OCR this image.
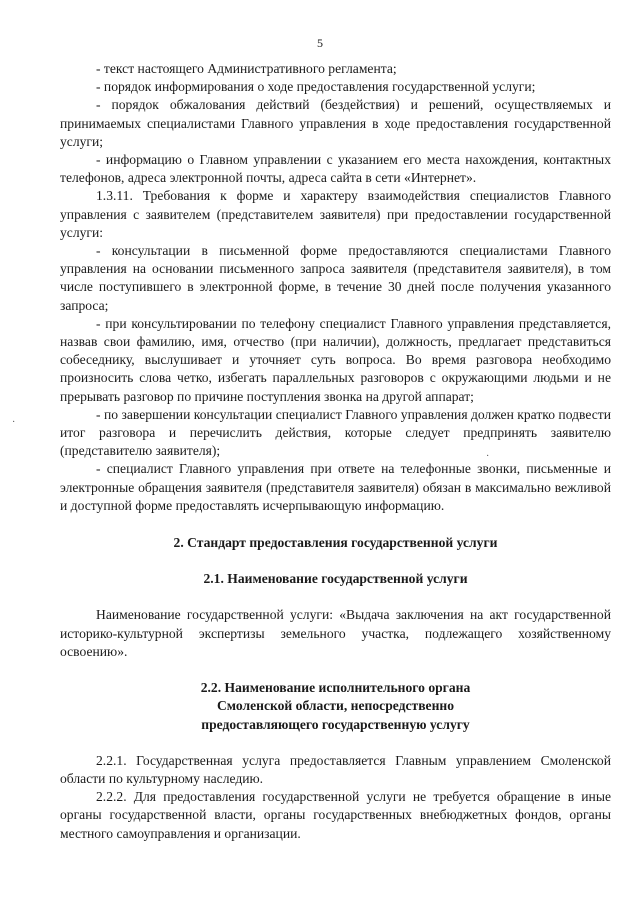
5

- текст настоящего Административного регламента;

- порядок информирования о ходе предоставления государственной услуги;

- порядок обжалования действий (бездействия) и решений, осуществляемых и принимаемых специалистами Главного управления в ходе предоставления государственной услуги;

- информацию о Главном управлении с указанием его места нахождения, контактных телефонов, адреса электронной почты, адреса сайта в сети «Интернет».

1.3.11. Требования к форме и характеру взаимодействия специалистов Главного управления с заявителем (представителем заявителя) при предоставлении государственной услуги:

- консультации в письменной форме предоставляются специалистами Главного управления на основании письменного запроса заявителя (представителя заявителя), в том числе поступившего в электронной форме, в течение 30 дней после получения указанного запроса;

- при консультировании по телефону специалист Главного управления представляется, назвав свои фамилию, имя, отчество (при наличии), должность, предлагает представиться собеседнику, выслушивает и уточняет суть вопроса. Во время разговора необходимо произносить слова четко, избегать параллельных разговоров с окружающими людьми и не прерывать разговор по причине поступления звонка на другой аппарат;

- по завершении консультации специалист Главного управления должен кратко подвести итог разговора и перечислить действия, которые следует предпринять заявителю (представителю заявителя);

- специалист Главного управления при ответе на телефонные звонки, письменные и электронные обращения заявителя (представителя заявителя) обязан в максимально вежливой и доступной форме предоставлять исчерпывающую информацию.

2. Стандарт предоставления государственной услуги
2.1. Наименование государственной услуги

Наименование государственной услуги: «Выдача заключения на акт государственной историко-культурной экспертизы земельного участка, подлежащего хозяйственному освоению».

2.2. Наименование исполнительного органа
Смоленской области, непосредственно
предоставляющего государственную услугу

2.2.1. Государственная услуга предоставляется Главным управлением Смоленской области по культурному наследию.

2.2.2. Для предоставления государственной услуги не требуется обращение в иные органы государственной власти, органы государственных внебюджетных фондов, органы местного самоуправления и организации.

·
·
